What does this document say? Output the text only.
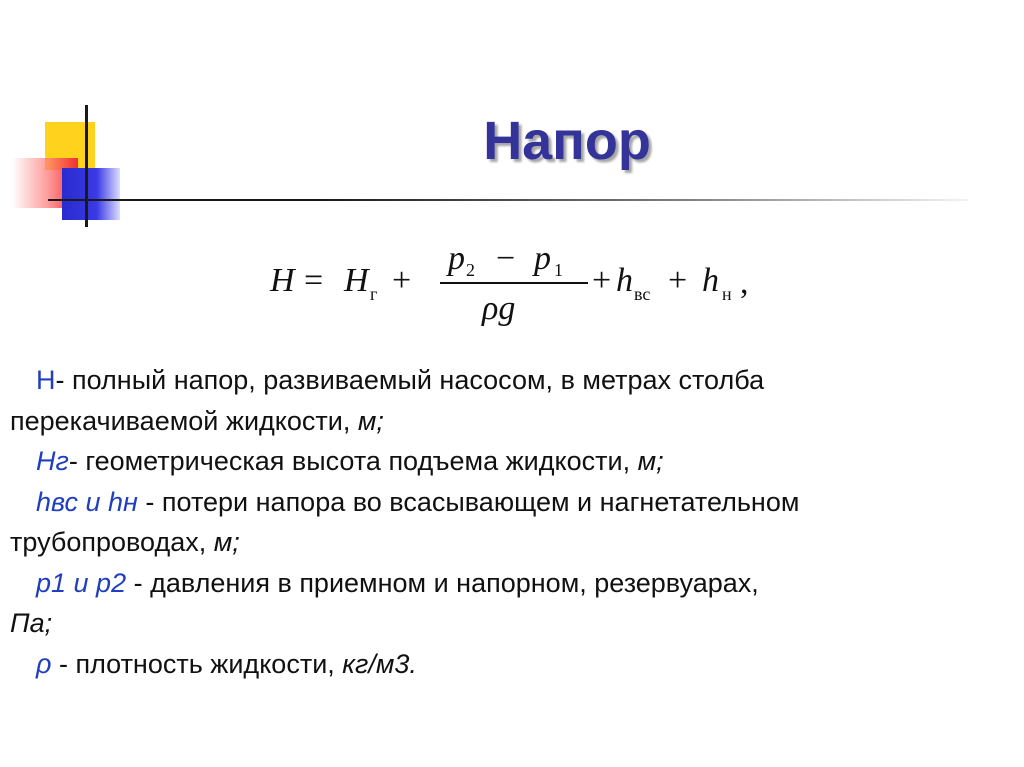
Напор
H = H г +
p 2 − p 1
ρg
+ h вс + h н ,

Н- полный напор, развиваемый насосом, в метрах столба

перекачиваемой жидкости, м;

Нг- геометрическая высота подъема жидкости, м;

hвс и hн - потери напора во всасывающем и нагнетательном

трубопроводах, м;

р1 и р2 - давления в приемном и напорном, резервуарах,

Па;

ρ - плотность жидкости, кг/м3.
